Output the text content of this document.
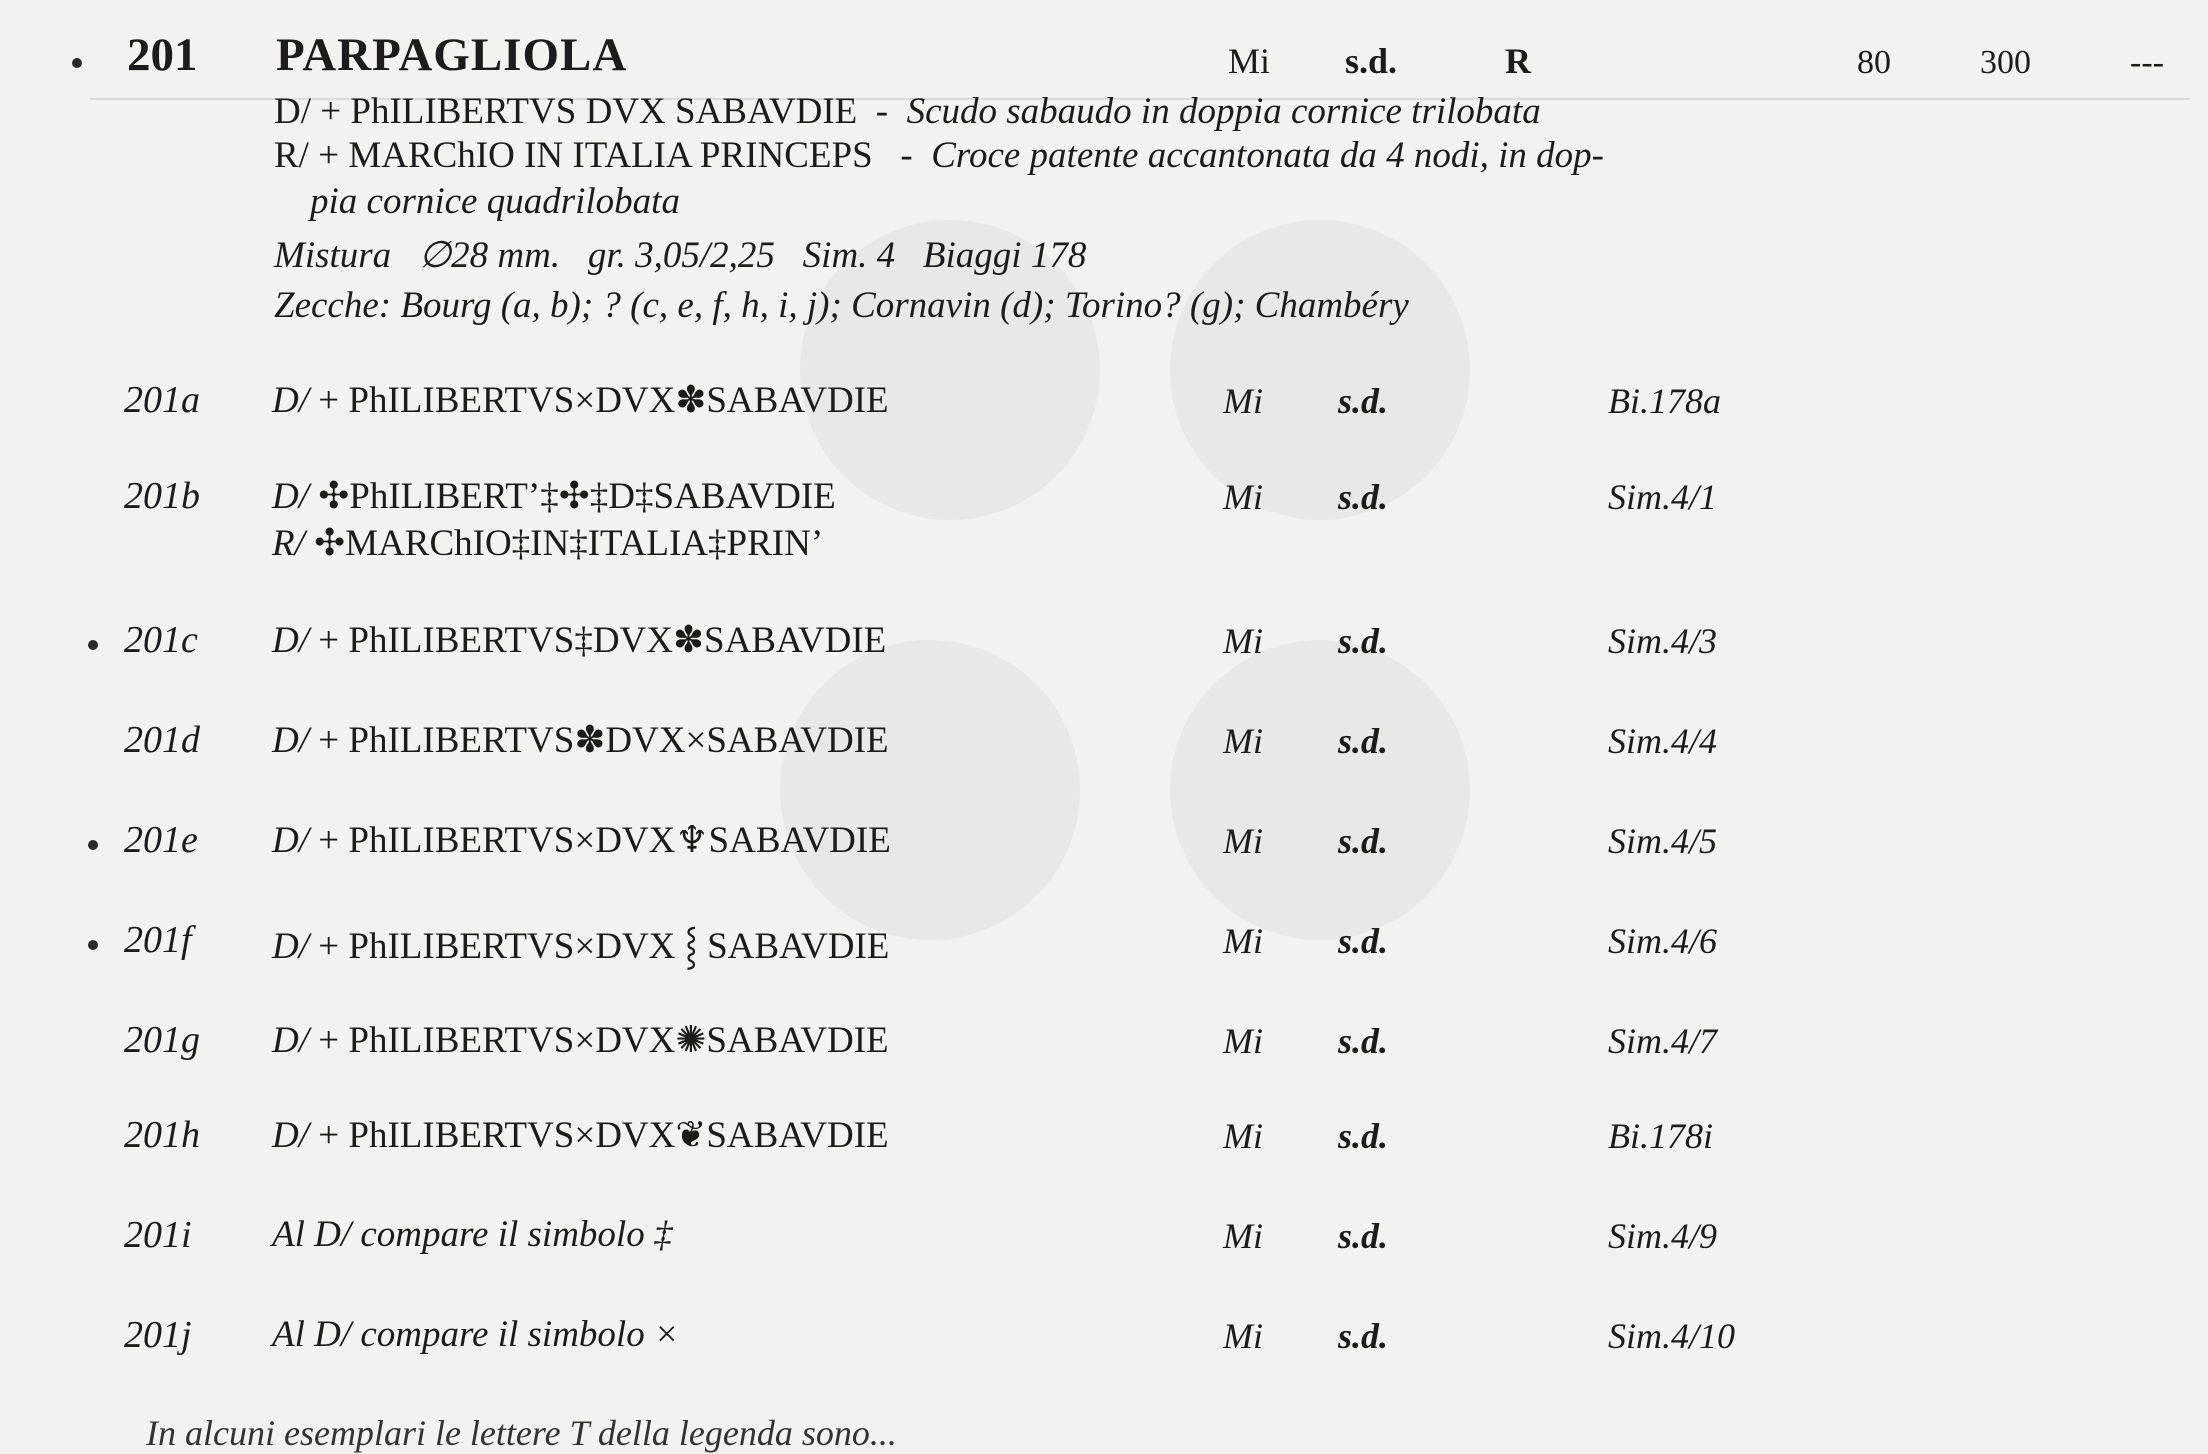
201 PARPAGLIOLA	Mi s.d.	R	80	300	---
D/ + PhILIBERTVS DVX SABAVDIE - Scudo sabaudo in doppia cornice trilobata
R/ + MARChIO IN ITALIA PRINCEPS - Croce patente accantonata da 4 nodi, in dop-
pia cornice quadrilobata
Mistura   ∅28 mm.   gr. 3,05/2,25   Sim. 4   Biaggi 178
Zecche: Bourg (a, b); ? (c, e, f, h, i, j); Cornavin (d); Torino? (g); Chambéry
201a D/ + PhILIBERTVS×DVX✽SABAVDIE	Mi s.d.	Bi.178a
201b D/ ✣PhILIBERT’‡✣‡D‡SABAVDIE
R/ ✣MARChIO‡IN‡ITALIA‡PRIN’
Mi s.d.	Sim.4/1
201c D/ + PhILIBERTVS‡DVX✽SABAVDIE	Mi s.d.	Sim.4/3
201d D/ + PhILIBERTVS✽DVX×SABAVDIE	Mi s.d.	Sim.4/4
201e D/ + PhILIBERTVS×DVX♆SABAVDIE	Mi s.d.	Sim.4/5
201f D/ + PhILIBERTVS×DVX ⸾ SABAVDIE	Mi s.d.	Sim.4/6
201g D/ + PhILIBERTVS×DVX✺SABAVDIE	Mi s.d.	Sim.4/7
201h D/ + PhILIBERTVS×DVX❦SABAVDIE	Mi s.d.	Bi.178i
201i Al D/ compare il simbolo ‡	Mi s.d.	Sim.4/9
201j Al D/ compare il simbolo ×	Mi s.d.	Sim.4/10
In alcuni esemplari le lettere T della legenda sono...
